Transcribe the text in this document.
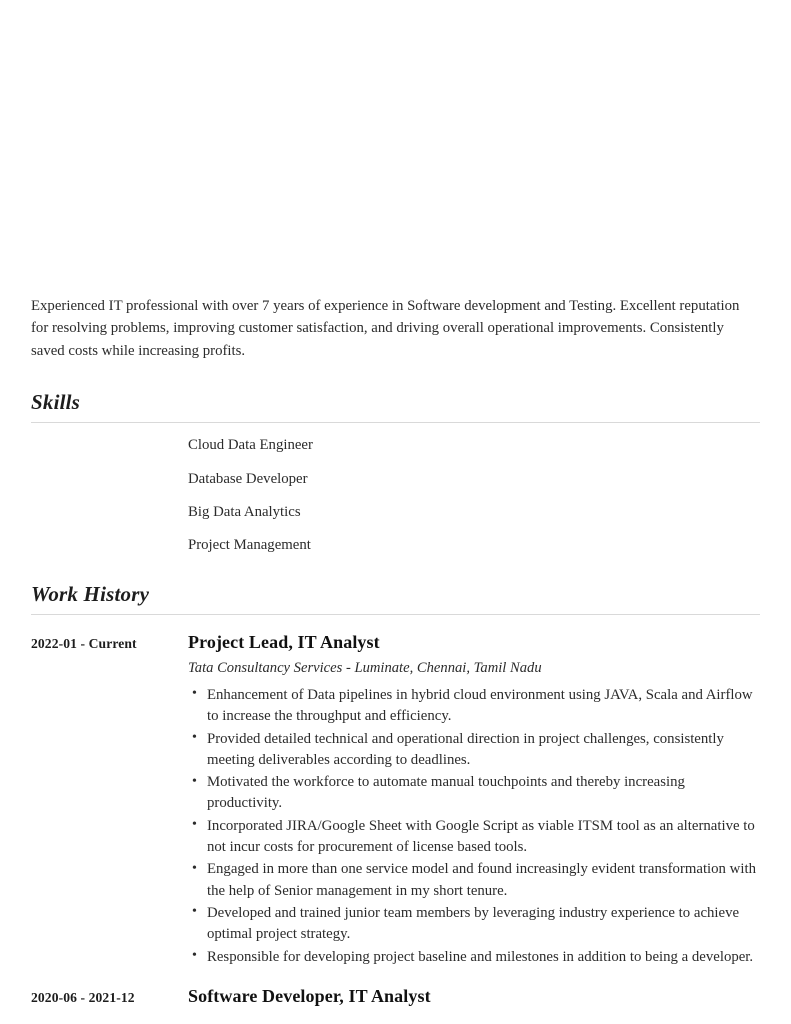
Experienced IT professional with over 7 years of experience in Software development and Testing. Excellent reputation for resolving problems, improving customer satisfaction, and driving overall operational improvements. Consistently saved costs while increasing profits.

Skills
Cloud Data Engineer
Database Developer
Big Data Analytics
Project Management
Work History
2022-01 - Current	Project Lead, IT Analyst
Tata Consultancy Services - Luminate, Chennai, Tamil Nadu
• Enhancement of Data pipelines in hybrid cloud environment using JAVA, Scala and Airflow to increase the throughput and efficiency.
• Provided detailed technical and operational direction in project challenges, consistently meeting deliverables according to deadlines.
• Motivated the workforce to automate manual touchpoints and thereby increasing productivity.
• Incorporated JIRA/Google Sheet with Google Script as viable ITSM tool as an alternative to not incur costs for procurement of license based tools.
• Engaged in more than one service model and found increasingly evident transformation with the help of Senior management in my short tenure.
• Developed and trained junior team members by leveraging industry experience to achieve optimal project strategy.
• Responsible for developing project baseline and milestones in addition to being a developer.
2020-06 - 2021-12	Software Developer, IT Analyst
